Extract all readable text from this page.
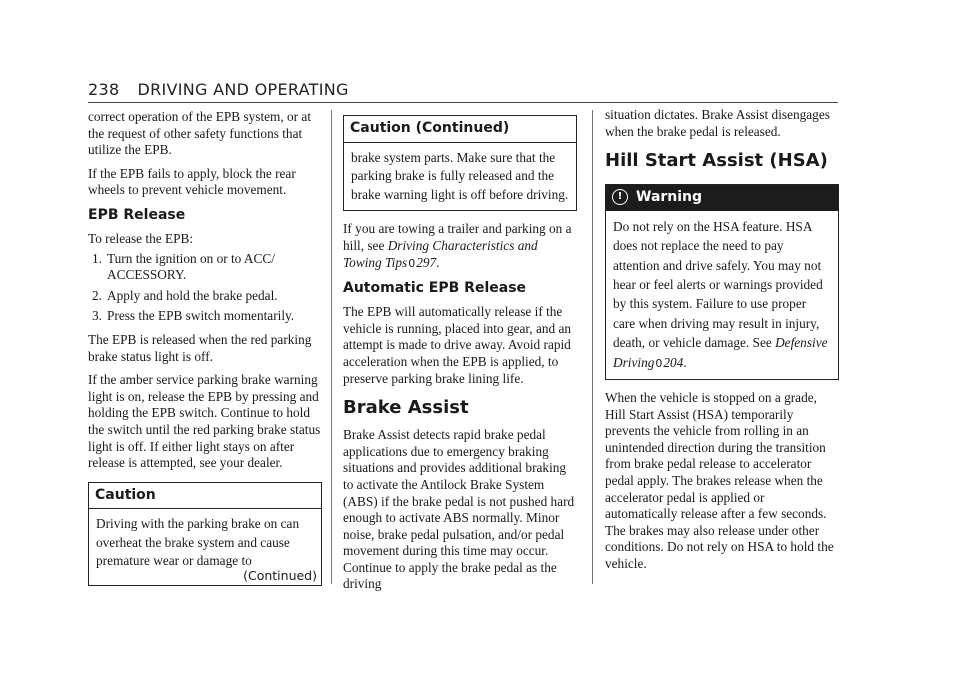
238 DRIVING AND OPERATING

correct operation of the EPB system, or at the request of other safety functions that utilize the EPB.

If the EPB fails to apply, block the rear wheels to prevent vehicle movement.

EPB Release

To release the EPB:

1. Turn the ignition on or to ACC/ ACCESSORY.
2. Apply and hold the brake pedal.
3. Press the EPB switch momentarily.

The EPB is released when the red parking brake status light is off.

If the amber service parking brake warning light is on, release the EPB by pressing and holding the EPB switch. Continue to hold the switch until the red parking brake status light is off. If either light stays on after release is attempted, see your dealer.

Caution
Driving with the parking brake on can overheat the brake system and cause premature wear or damage to
(Continued)
Caution (Continued)
brake system parts. Make sure that the parking brake is fully released and the brake warning light is off before driving.

If you are towing a trailer and parking on a hill, see Driving Characteristics and Towing Tips0297.

Automatic EPB Release

The EPB will automatically release if the vehicle is running, placed into gear, and an attempt is made to drive away. Avoid rapid acceleration when the EPB is applied, to preserve parking brake lining life.

Brake Assist

Brake Assist detects rapid brake pedal applications due to emergency braking situations and provides additional braking to activate the Antilock Brake System (ABS) if the brake pedal is not pushed hard enough to activate ABS normally. Minor noise, brake pedal pulsation, and/or pedal movement during this time may occur. Continue to apply the brake pedal as the driving

situation dictates. Brake Assist disengages when the brake pedal is released.

Hill Start Assist (HSA)
! Warning
Do not rely on the HSA feature. HSA does not replace the need to pay attention and drive safely. You may not hear or feel alerts or warnings provided by this system. Failure to use proper care when driving may result in injury, death, or vehicle damage. See Defensive Driving0204.

When the vehicle is stopped on a grade, Hill Start Assist (HSA) temporarily prevents the vehicle from rolling in an unintended direction during the transition from brake pedal release to accelerator pedal apply. The brakes release when the accelerator pedal is applied or automatically release after a few seconds. The brakes may also release under other conditions. Do not rely on HSA to hold the vehicle.
